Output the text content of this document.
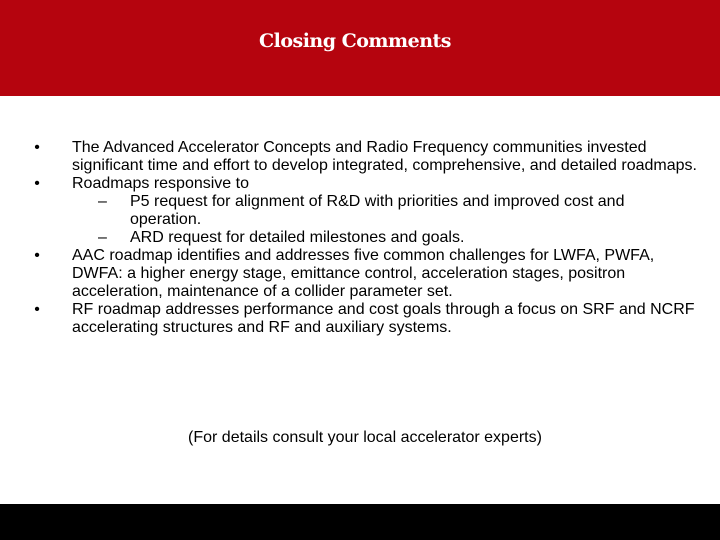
Closing Comments

• The Advanced Accelerator Concepts and Radio Frequency communities invested significant time and effort to develop integrated, comprehensive, and detailed roadmaps.

• Roadmaps responsive to

– P5 request for alignment of R&D with priorities and improved cost and operation.

– ARD request for detailed milestones and goals.

• AAC roadmap identifies and addresses five common challenges for LWFA, PWFA, DWFA: a higher energy stage, emittance control, acceleration stages, positron acceleration, maintenance of a collider parameter set.

• RF roadmap addresses performance and cost goals through a focus on SRF and NCRF accelerating structures and RF and auxiliary systems.

(For details consult your local accelerator experts)
